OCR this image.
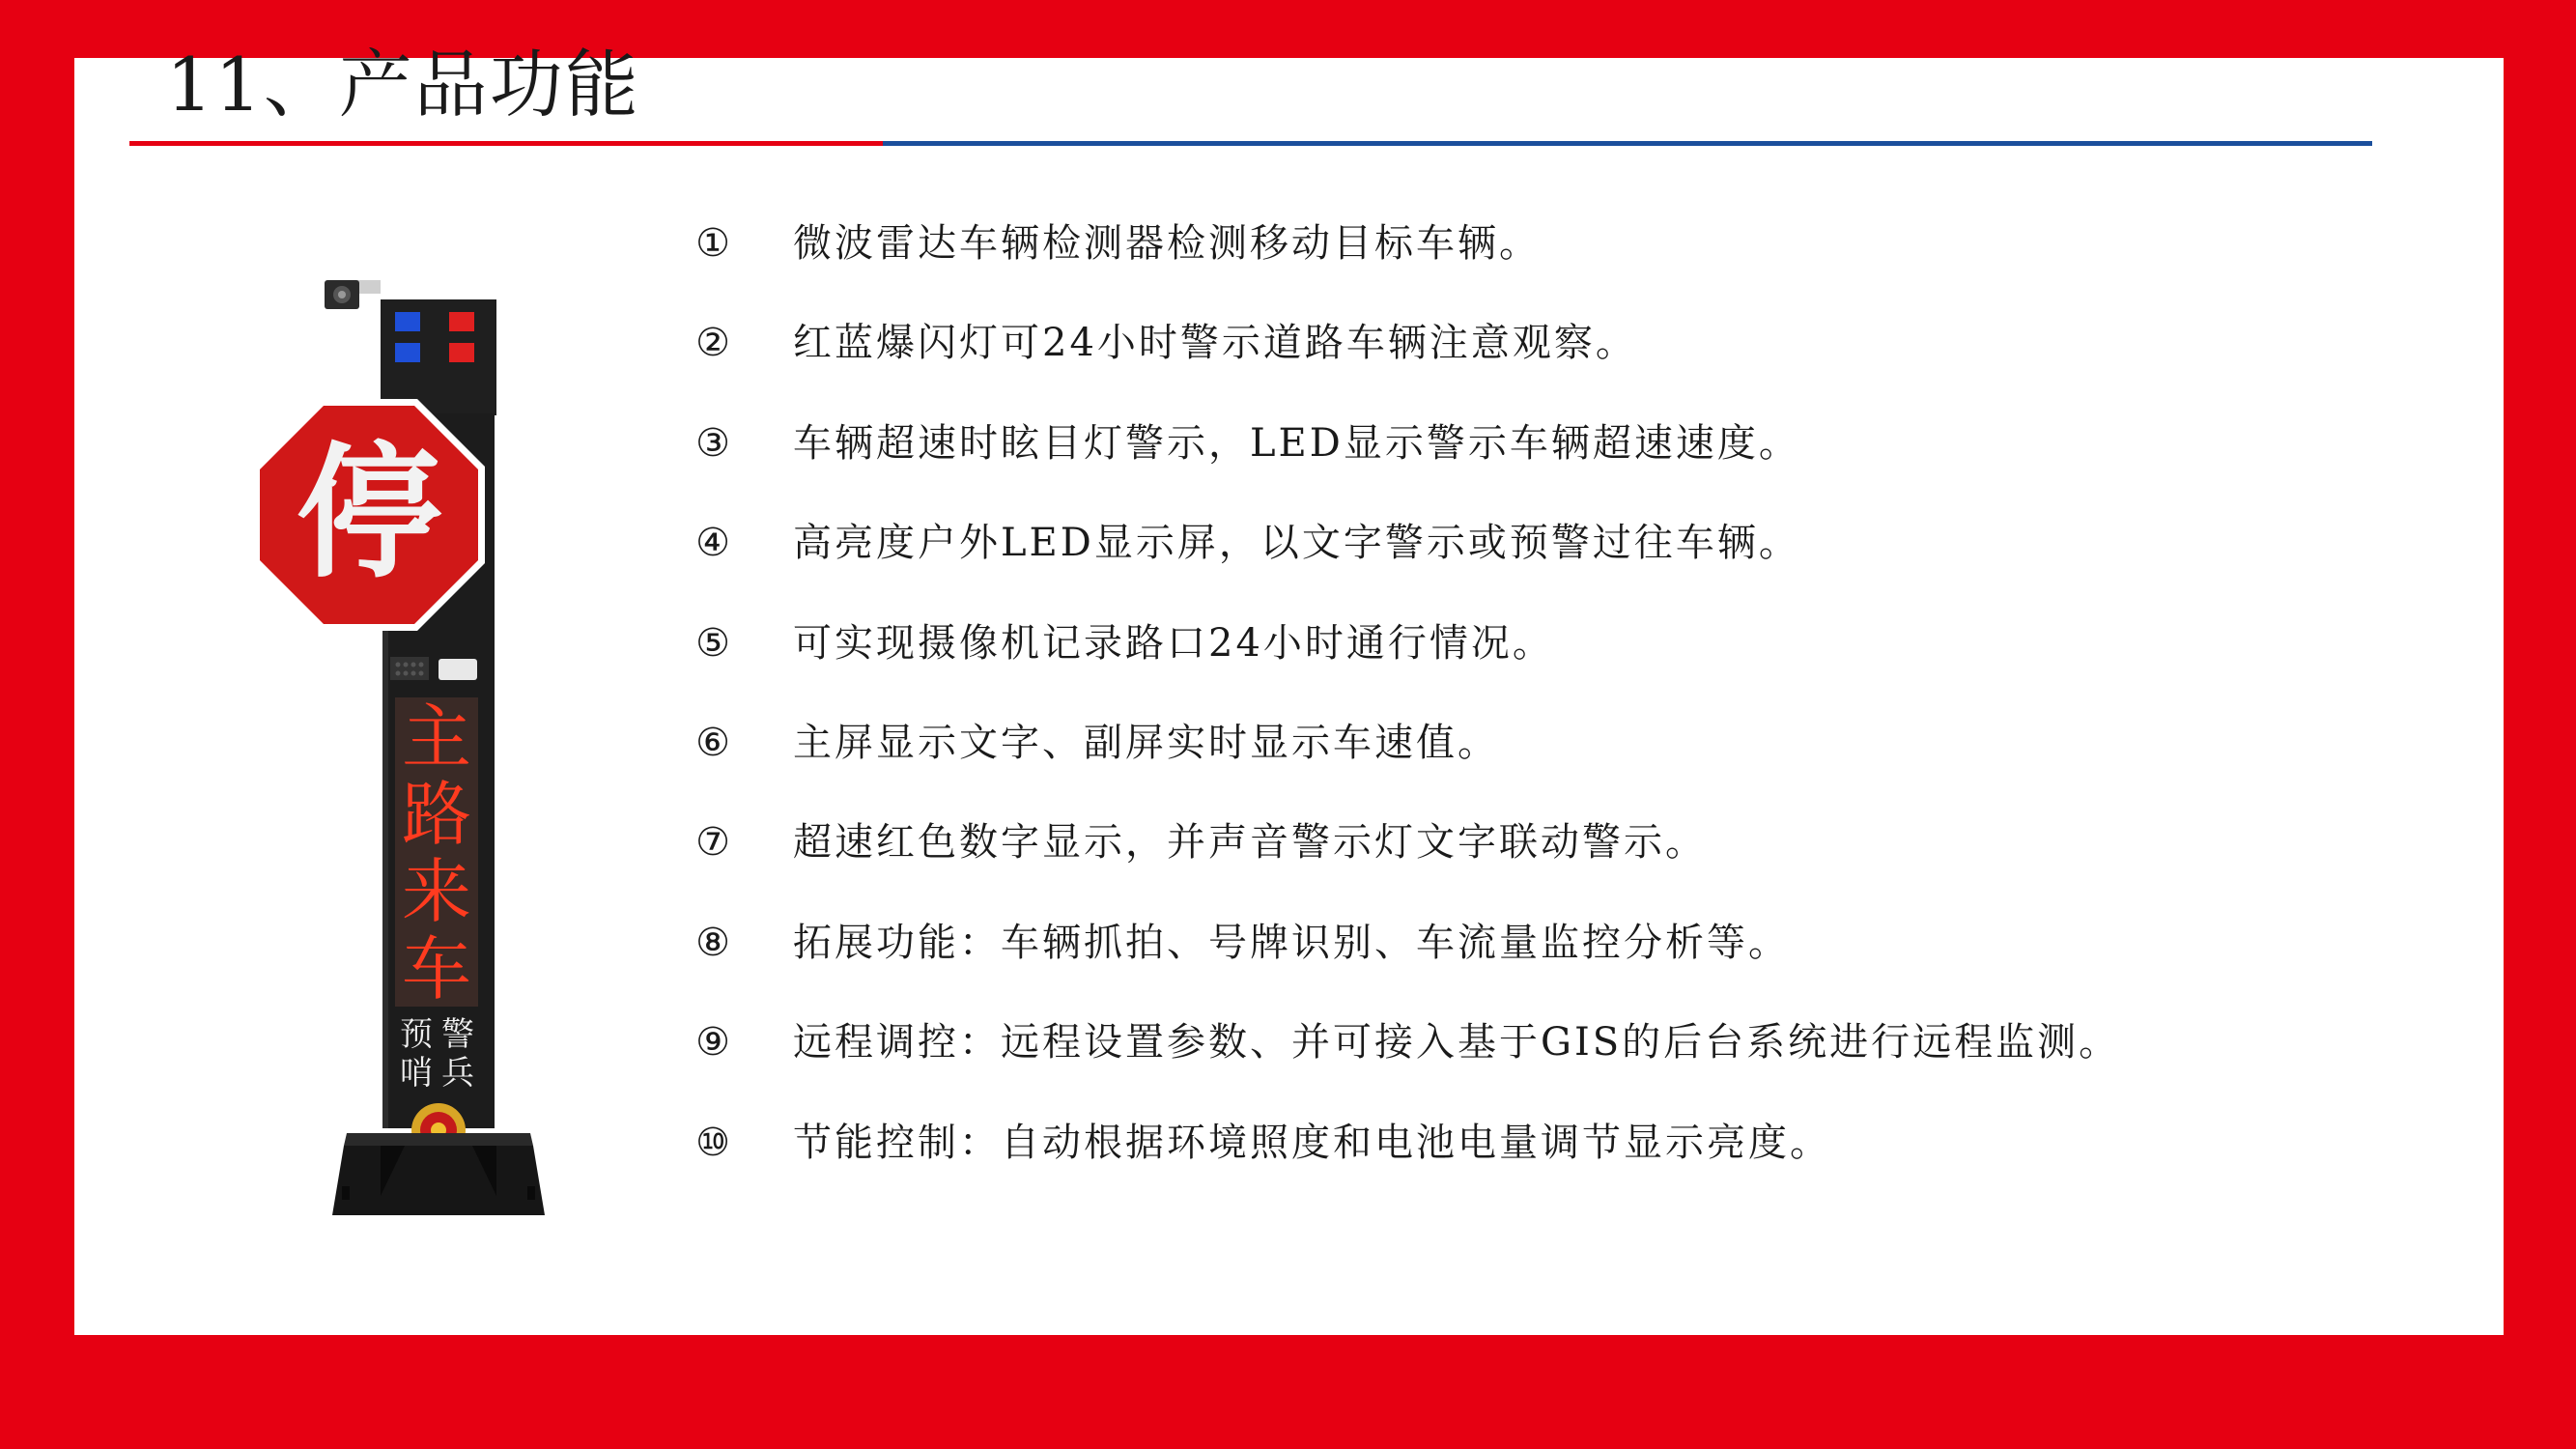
11、产品功能
停
主
路
来
车
预 警
哨 兵
①	微波雷达车辆检测器检测移动目标车辆。
②	红蓝爆闪灯可24小时警示道路车辆注意观察。
③	车辆超速时眩目灯警示，LED显示警示车辆超速速度。
④	高亮度户外LED显示屏，以文字警示或预警过往车辆。
⑤	可实现摄像机记录路口24小时通行情况。
⑥	主屏显示文字、副屏实时显示车速值。
⑦	超速红色数字显示，并声音警示灯文字联动警示。
⑧	拓展功能：车辆抓拍、号牌识别、车流量监控分析等。
⑨	远程调控：远程设置参数、并可接入基于GIS的后台系统进行远程监测。
⑩	节能控制：自动根据环境照度和电池电量调节显示亮度。
